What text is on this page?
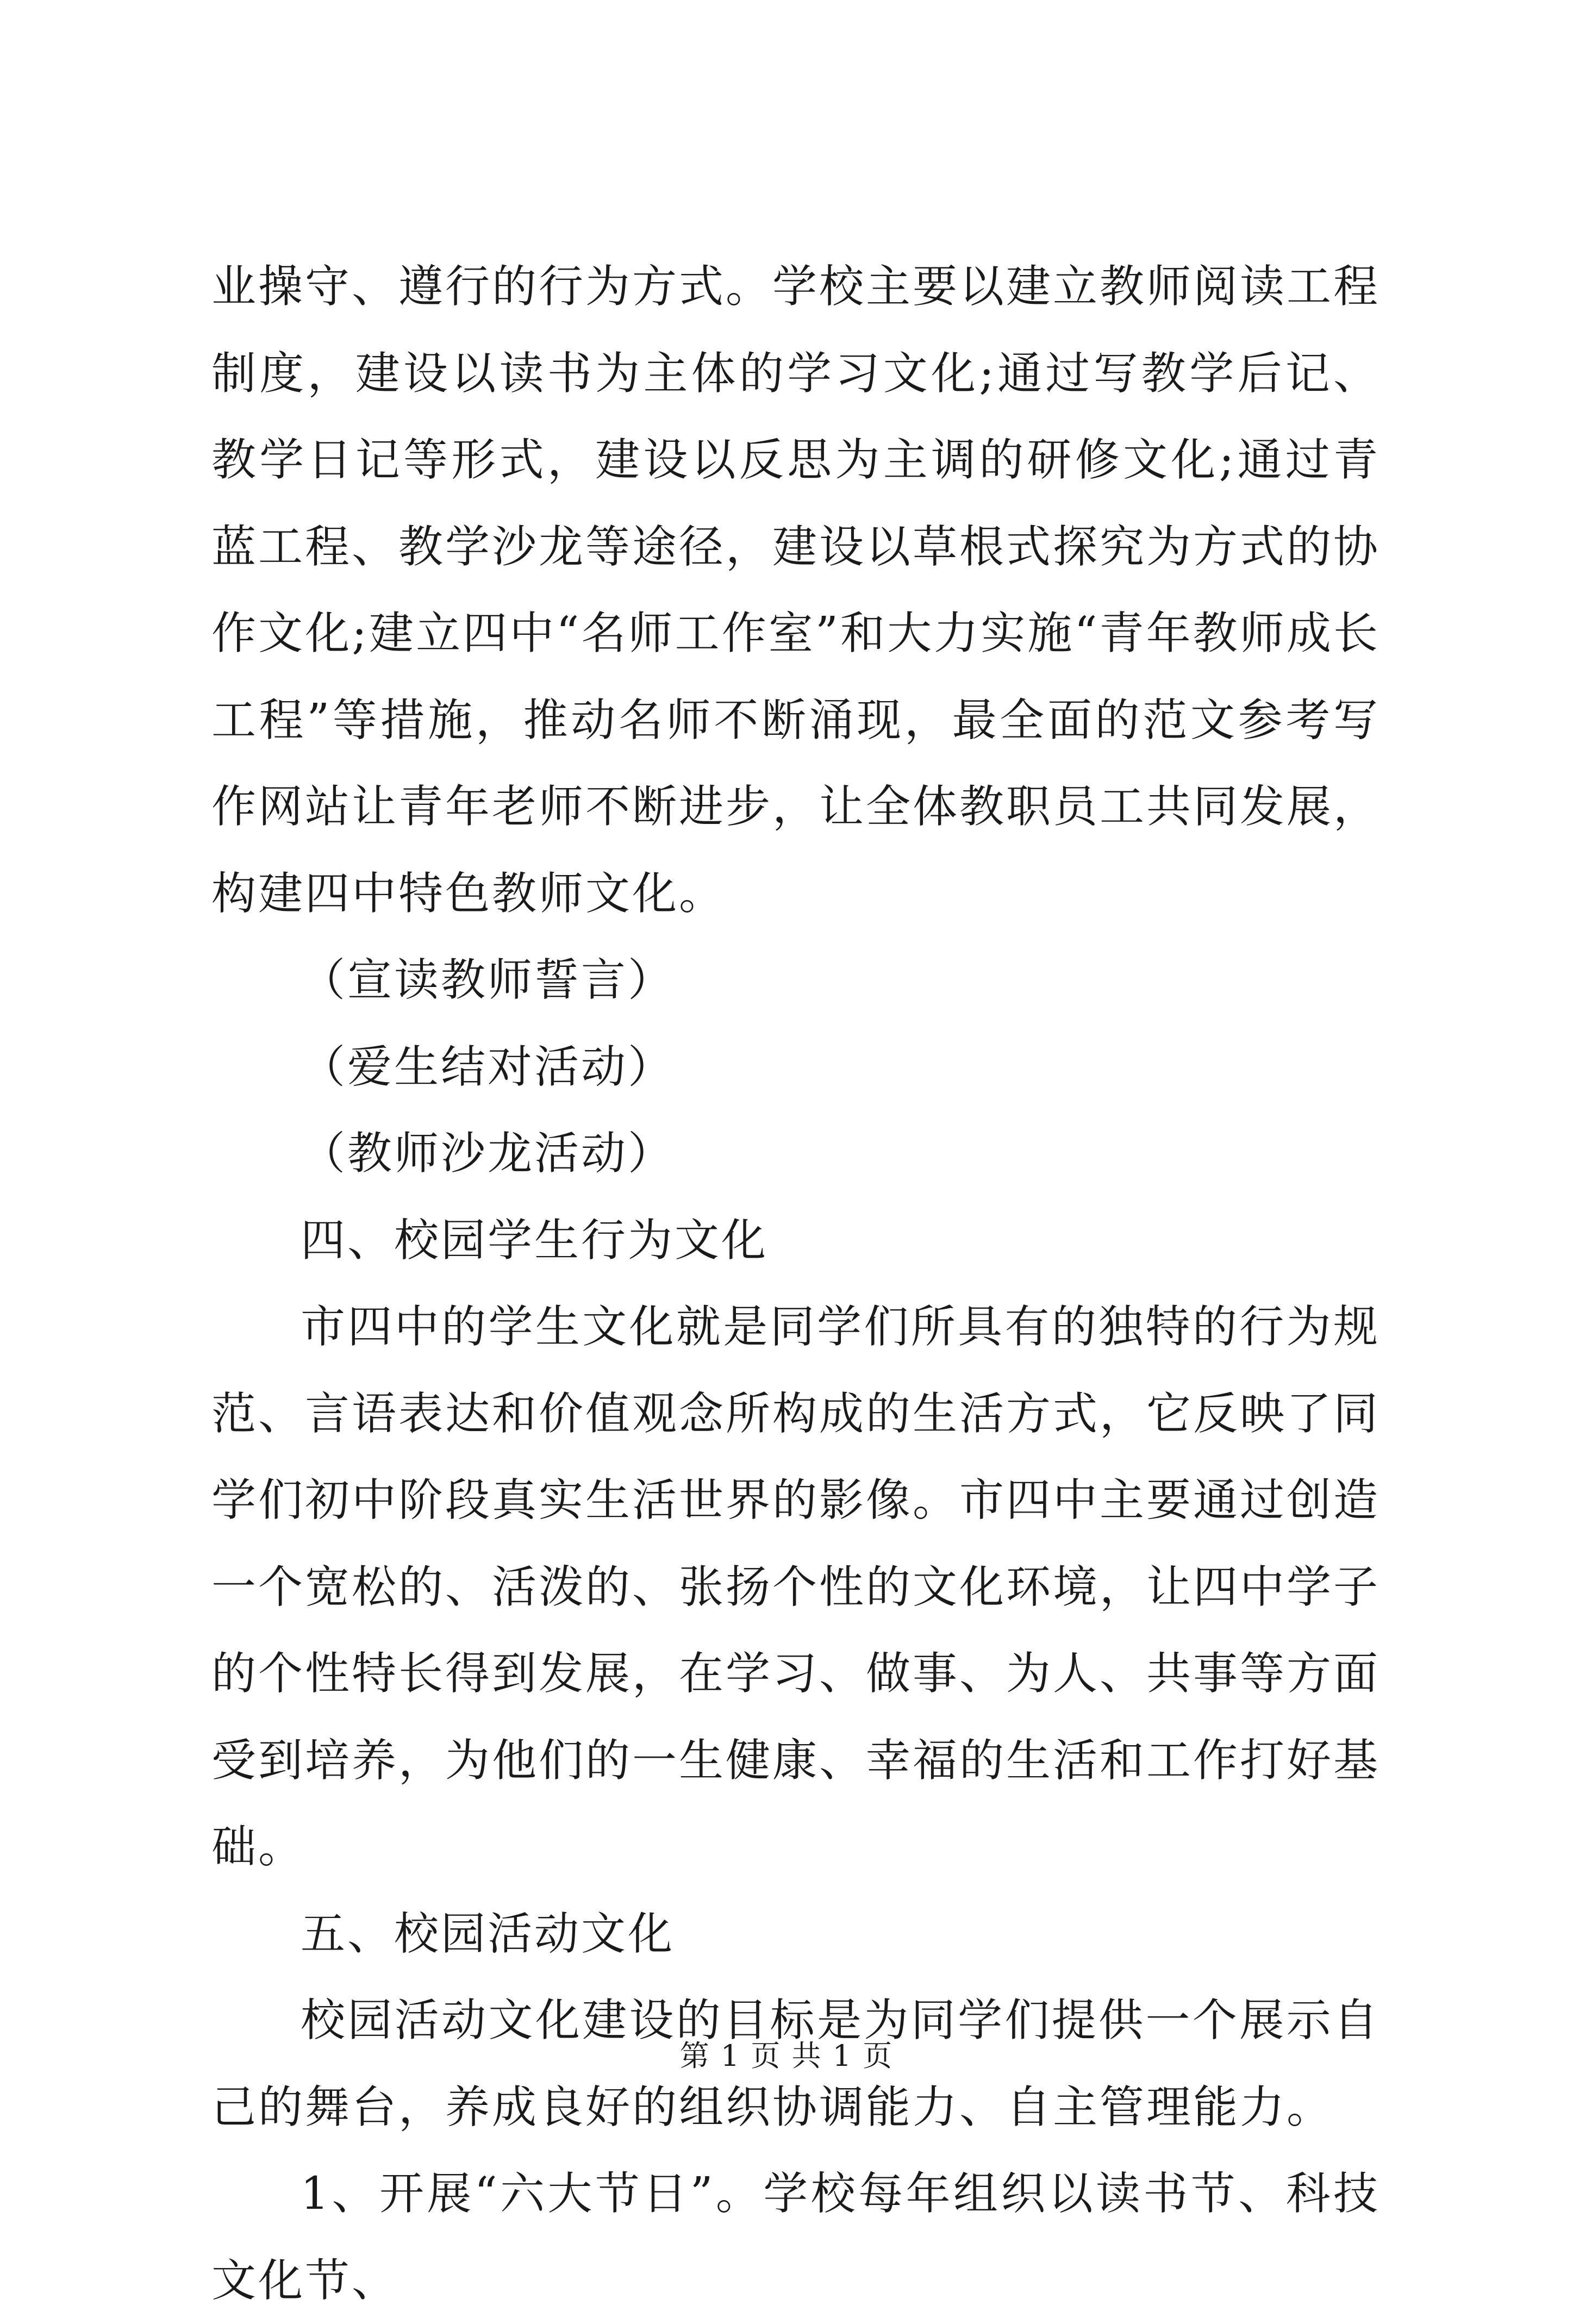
业操守、遵行的行为方式。学校主要以建立教师阅读工程制度，建设以读书为主体的学习文化;通过写教学后记、教学日记等形式，建设以反思为主调的研修文化;通过青蓝工程、教学沙龙等途径，建设以草根式探究为方式的协作文化;建立四中“名师工作室”和大力实施“青年教师成长工程”等措施，推动名师不断涌现，最全面的范文参考写作网站让青年老师不断进步，让全体教职员工共同发展，构建四中特色教师文化。

（宣读教师誓言）

（爱生结对活动）

（教师沙龙活动）

四、校园学生行为文化

市四中的学生文化就是同学们所具有的独特的行为规范、言语表达和价值观念所构成的生活方式，它反映了同学们初中阶段真实生活世界的影像。市四中主要通过创造一个宽松的、活泼的、张扬个性的文化环境，让四中学子的个性特长得到发展，在学习、做事、为人、共事等方面受到培养，为他们的一生健康、幸福的生活和工作打好基础。

五、校园活动文化

校园活动文化建设的目标是为同学们提供一个展示自己的舞台，养成良好的组织协调能力、自主管理能力。

1、开展“六大节日”。学校每年组织以读书节、科技文化节、

第 1 页 共 1 页
